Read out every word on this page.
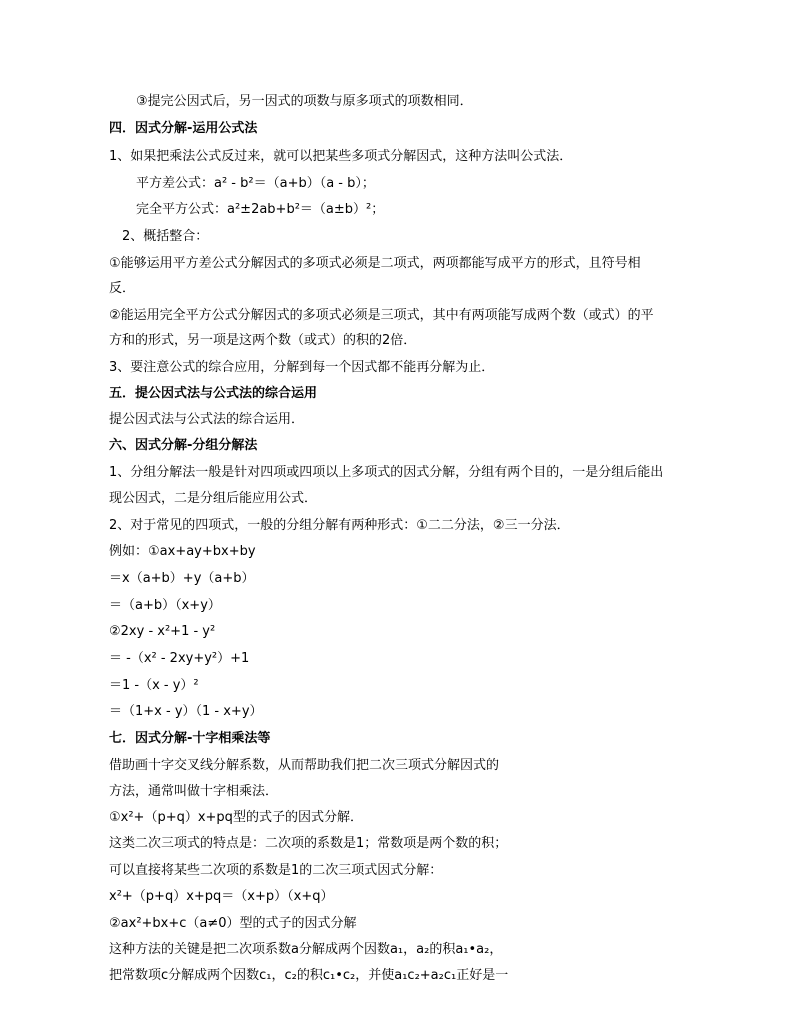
③提完公因式后，另一因式的项数与原多项式的项数相同．
四．因式分解-运用公式法
1、如果把乘法公式反过来，就可以把某些多项式分解因式，这种方法叫公式法．
平方差公式：a² - b²＝（a+b）（a - b）；
完全平方公式：a²±2ab+b²＝（a±b）²；
2、概括整合：
①能够运用平方差公式分解因式的多项式必须是二项式，两项都能写成平方的形式，且符号相
反．
②能运用完全平方公式分解因式的多项式必须是三项式，其中有两项能写成两个数（或式）的平
方和的形式，另一项是这两个数（或式）的积的2倍．
3、要注意公式的综合应用，分解到每一个因式都不能再分解为止．
五．提公因式法与公式法的综合运用
提公因式法与公式法的综合运用．
六、因式分解-分组分解法
1、分组分解法一般是针对四项或四项以上多项式的因式分解，分组有两个目的，一是分组后能出
现公因式，二是分组后能应用公式．
2、对于常见的四项式，一般的分组分解有两种形式：①二二分法，②三一分法．
例如：①ax+ay+bx+by
＝x（a+b）+y（a+b）
＝（a+b）（x+y）
②2xy - x²+1 - y²
＝ -（x² - 2xy+y²）+1
＝1 -（x - y）²
＝（1+x - y）（1 - x+y）
七．因式分解-十字相乘法等
借助画十字交叉线分解系数，从而帮助我们把二次三项式分解因式的
方法，通常叫做十字相乘法．
①x²+（p+q）x+pq型的式子的因式分解．
这类二次三项式的特点是：二次项的系数是1；常数项是两个数的积；
可以直接将某些二次项的系数是1的二次三项式因式分解：
x²+（p+q）x+pq＝（x+p）（x+q）
②ax²+bx+c（a≠0）型的式子的因式分解
这种方法的关键是把二次项系数a分解成两个因数a₁，a₂的积a₁•a₂，
把常数项c分解成两个因数c₁，c₂的积c₁•c₂，并使a₁c₂+a₂c₁正好是一
